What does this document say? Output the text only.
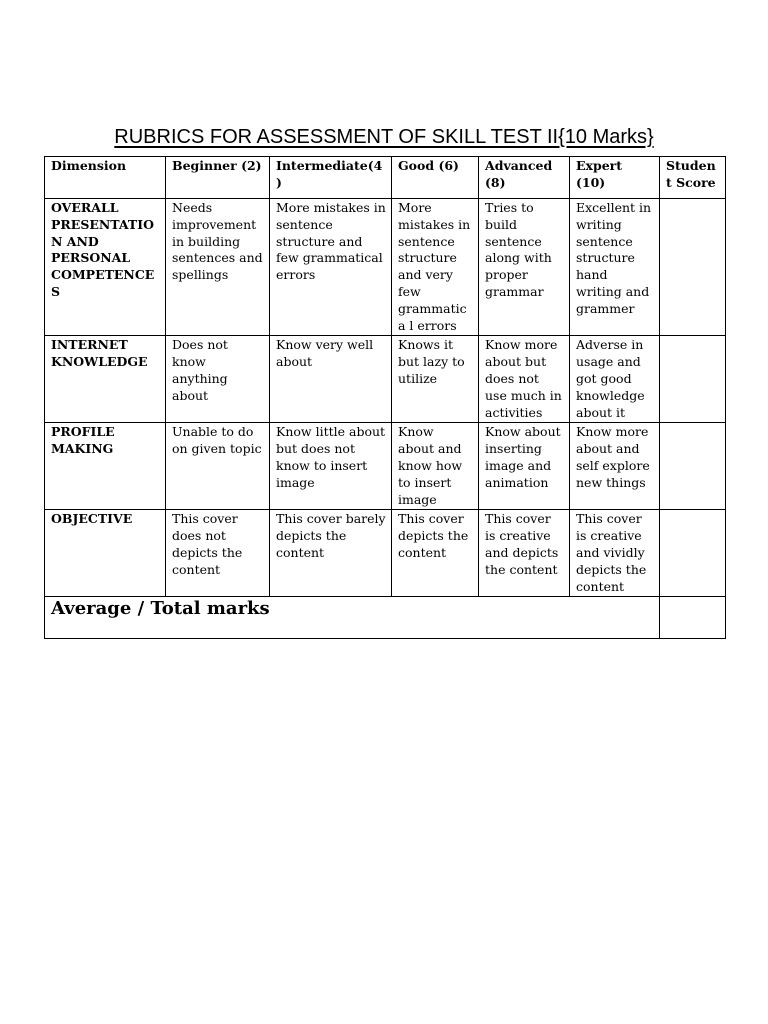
RUBRICS FOR ASSESSMENT OF SKILL TEST II{10 Marks}
Dimension	Beginner (2)	Intermediate(4)	Good (6)	Advanced (8)	Expert (10)	Student Score
OVERALL PRESENTATION AND PERSONAL COMPETENCES	Needs improvement in building sentences and spellings	More mistakes in sentence structure and few grammatical errors	More mistakes in sentence structure and very few grammatica l errors	Tries to build sentence along with proper grammar	Excellent in writing sentence structure hand writing and grammer	
INTERNET KNOWLEDGE	Does not know anything about	Know very well about	Knows it but lazy to utilize	Know more about but does not use much in activities	Adverse in usage and got good knowledge about it	
PROFILE MAKING	Unable to do on given topic	Know little about but does not know to insert image	Know about and know how to insert image	Know about inserting image and animation	Know more about and self explore new things	
OBJECTIVE	This cover does not depicts the content	This cover barely depicts the content	This cover depicts the content	This cover is creative and depicts the content	This cover is creative and vividly depicts the content	
Average / Total marks						
